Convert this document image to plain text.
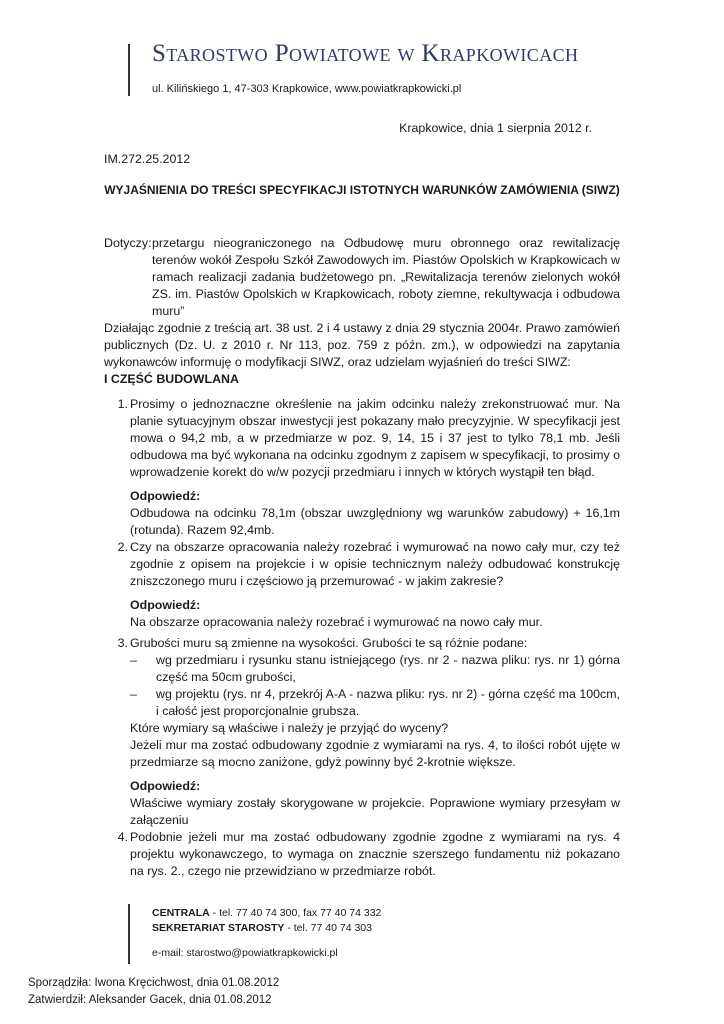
Starostwo Powiatowe w Krapkowicach
ul. Kilińskiego 1, 47-303 Krapkowice, www.powiatkrapkowicki.pl
Krapkowice, dnia 1 sierpnia 2012 r.
IM.272.25.2012
WYJAŚNIENIA DO TREŚCI SPECYFIKACJI ISTOTNYCH WARUNKÓW ZAMÓWIENIA (SIWZ)
Dotyczy: przetargu nieograniczonego na Odbudowę muru obronnego oraz rewitalizację terenów wokół Zespołu Szkół Zawodowych im. Piastów Opolskich w Krapkowicach w ramach realizacji zadania budżetowego pn. „Rewitalizacja terenów zielonych wokół ZS. im. Piastów Opolskich w Krapkowicach, roboty ziemne, rekultywacja i odbudowa muru”
Działając zgodnie z treścią art. 38 ust. 2 i 4 ustawy z dnia 29 stycznia 2004r. Prawo zamówień publicznych (Dz. U. z 2010 r. Nr 113, poz. 759 z późn. zm.), w odpowiedzi na zapytania wykonawców informuję o modyfikacji SIWZ, oraz udzielam wyjaśnień do treści SIWZ:
I CZĘŚĆ BUDOWLANA
1. Prosimy o jednoznaczne określenie na jakim odcinku należy zrekonstruować mur. Na planie sytuacyjnym obszar inwestycji jest pokazany mało precyzyjnie. W specyfikacji jest mowa o 94,2 mb, a w przedmiarze w poz. 9, 14, 15 i 37 jest to tylko 78,1 mb. Jeśli odbudowa ma być wykonana na odcinku zgodnym z zapisem w specyfikacji, to prosimy o wprowadzenie korekt do w/w pozycji przedmiaru i innych w których wystąpił ten błąd.
Odpowiedź:
Odbudowa na odcinku 78,1m (obszar uwzględniony wg warunków zabudowy) + 16,1m (rotunda). Razem 92,4mb.
2. Czy na obszarze opracowania należy rozebrać i wymurować na nowo cały mur, czy też zgodnie z opisem na projekcie i w opisie technicznym należy odbudować konstrukcję zniszczonego muru i częściowo ją przemurować - w jakim zakresie?
Odpowiedź:
Na obszarze opracowania należy rozebrać i wymurować na nowo cały mur.
3. Grubości muru są zmienne na wysokości. Grubości te są różnie podane:
– wg przedmiaru i rysunku stanu istniejącego (rys. nr 2 - nazwa pliku: rys. nr 1) górna część ma 50cm grubości,
– wg projektu (rys. nr 4, przekrój A-A - nazwa pliku: rys. nr 2) - górna część ma 100cm, i całość jest proporcjonalnie grubsza.
Które wymiary są właściwe i należy je przyjąć do wyceny?
Jeżeli mur ma zostać odbudowany zgodnie z wymiarami na rys. 4, to ilości robót ujęte w przedmiarze są mocno zaniżone, gdyż powinny być 2-krotnie większe.
Odpowiedź:
Właściwe wymiary zostały skorygowane w projekcie. Poprawione wymiary przesyłam w załączeniu
4. Podobnie jeżeli mur ma zostać odbudowany zgodnie zgodne z wymiarami na rys. 4 projektu wykonawczego, to wymaga on znacznie szerszego fundamentu niż pokazano na rys. 2., czego nie przewidziano w przedmiarze robót.
CENTRALA - tel. 77 40 74 300, fax 77 40 74 332
SEKRETARIAT STAROSTY - tel. 77 40 74 303
e-mail: starostwo@powiatkrapkowicki.pl
Sporządziła: Iwona Kręcichwost, dnia 01.08.2012
Zatwierdził: Aleksander Gacek, dnia 01.08.2012
